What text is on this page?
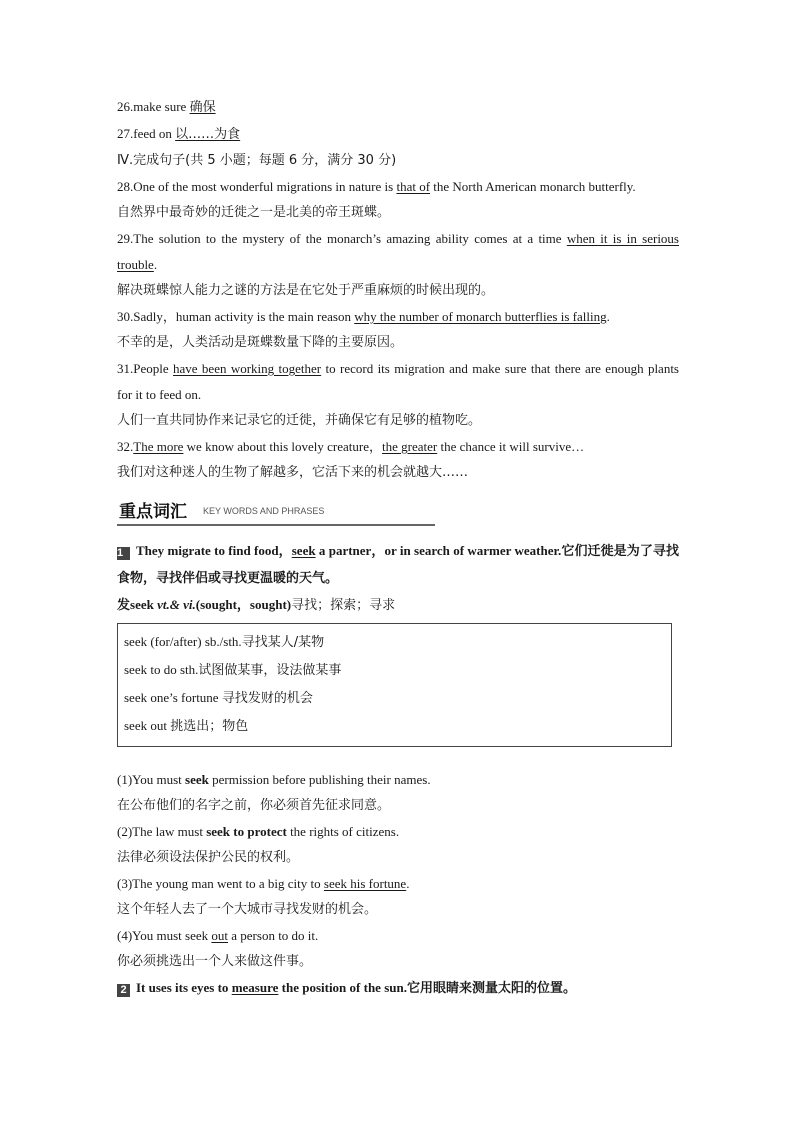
26.make sure 确保
27.feed on 以……为食
Ⅳ.完成句子(共 5 小题；每题 6 分，满分 30 分)
28.One of the most wonderful migrations in nature is that of the North American monarch butterfly.
自然界中最奇妙的迁徙之一是北美的帝王斑蝶。
29.The solution to the mystery of the monarch’s amazing ability comes at a time when it is in serious trouble.
解决斑蝶惊人能力之谜的方法是在它处于严重麻烦的时候出现的。
30.Sadly，human activity is the main reason why the number of monarch butterflies is falling.
不幸的是，人类活动是斑蝶数量下降的主要原因。
31.People have been working together to record its migration and make sure that there are enough plants for it to feed on.
人们一直共同协作来记录它的迁徙，并确保它有足够的植物吃。
32.The more we know about this lovely creature，the greater the chance it will survive…
我们对这种迷人的生物了解越多，它活下来的机会就越大……
重点词汇 KEY WORDS AND PHRASES
1 They migrate to find food，seek a partner，or in search of warmer weather.它们迁徙是为了寻找食物，寻找伴侣或寻找更温暖的天气。
发seek vt.& vi.(sought，sought)寻找；探索；寻求
seek (for/after) sb./sth.寻找某人/某物
seek to do sth.试图做某事，设法做某事
seek one’s fortune 寻找发财的机会
seek out 挑选出；物色
(1)You must seek permission before publishing their names.
在公布他们的名字之前，你必须首先征求同意。
(2)The law must seek to protect the rights of citizens.
法律必须设法保护公民的权利。
(3)The young man went to a big city to seek his fortune.
这个年轻人去了一个大城市寻找发财的机会。
(4)You must seek out a person to do it.
你必须挑选出一个人来做这件事。
2 It uses its eyes to measure the position of the sun.它用眼睛来测量太阳的位置。
